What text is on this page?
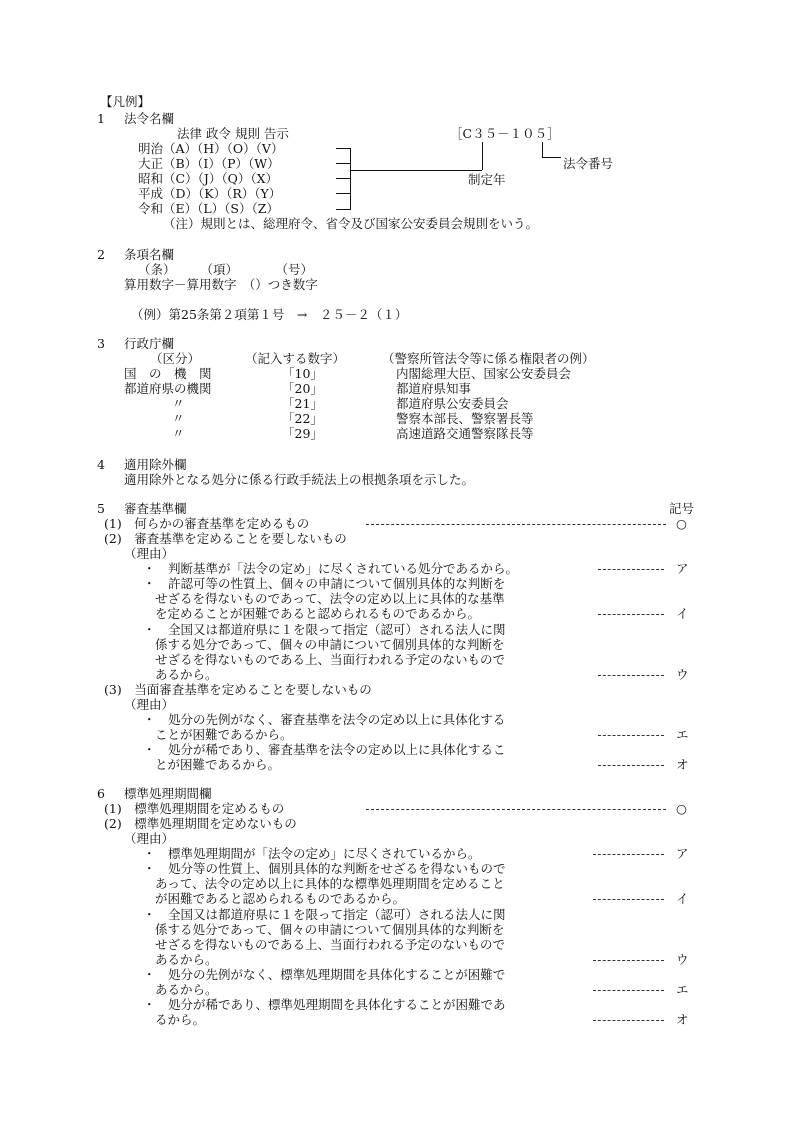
【凡例】
1 法令名欄
法律 政令 規則 告示
明治（A）（H）（O）（V）
大正（B）（I）（P）（W）
昭和（C）（J）（Q）（X）
平成（D）（K）（R）（Y）
令和（E）（L）（S）（Z）
［C３５－１０５］
制定年
法令番号
（注）規則とは、総理府令、省令及び国家公安委員会規則をいう。
2 条項名欄
（条）　　　（項）　　　　（号）
算用数字－算用数字　（）つき数字
（例）第25条第２項第１号　→　２５－２（１）
3 行政庁欄
（区分）	（記入する数字）	（警察所管法令等に係る権限者の例）
国　の　機　関	「10」	内閣総理大臣、国家公安委員会
都道府県の機関	「20」	都道府県知事
〃	「21」	都道府県公安委員会
〃	「22」	警察本部長、警察署長等
〃	「29」	高速道路交通警察隊長等
4 適用除外欄
適用除外となる処分に係る行政手続法上の根拠条項を示した。
5 審査基準欄	記号
(1)　何らかの審査基準を定めるもの	○
(2)　審査基準を定めることを要しないもの
（理由）
・　判断基準が「法令の定め」に尽くされている処分であるから。	ア
・　許認可等の性質上、個々の申請について個別具体的な判断を
せざるを得ないものであって、法令の定め以上に具体的な基準
を定めることが困難であると認められるものであるから。	イ
・　全国又は都道府県に１を限って指定（認可）される法人に関
係する処分であって、個々の申請について個別具体的な判断を
せざるを得ないものである上、当面行われる予定のないもので
あるから。	ウ
(3)　当面審査基準を定めることを要しないもの
（理由）
・　処分の先例がなく、審査基準を法令の定め以上に具体化する
ことが困難であるから。	エ
・　処分が稀であり、審査基準を法令の定め以上に具体化するこ
とが困難であるから。	オ
6 標準処理期間欄
(1)　標準処理期間を定めるもの	○
(2)　標準処理期間を定めないもの
（理由）
・　標準処理期間が「法令の定め」に尽くされているから。	ア
・　処分等の性質上、個別具体的な判断をせざるを得ないもので
あって、法令の定め以上に具体的な標準処理期間を定めること
が困難であると認められるものであるから。	イ
・　全国又は都道府県に１を限って指定（認可）される法人に関
係する処分であって、個々の申請について個別具体的な判断を
せざるを得ないものである上、当面行われる予定のないもので
あるから。	ウ
・　処分の先例がなく、標準処理期間を具体化することが困難で
あるから。	エ
・　処分が稀であり、標準処理期間を具体化することが困難であ
るから。	オ
